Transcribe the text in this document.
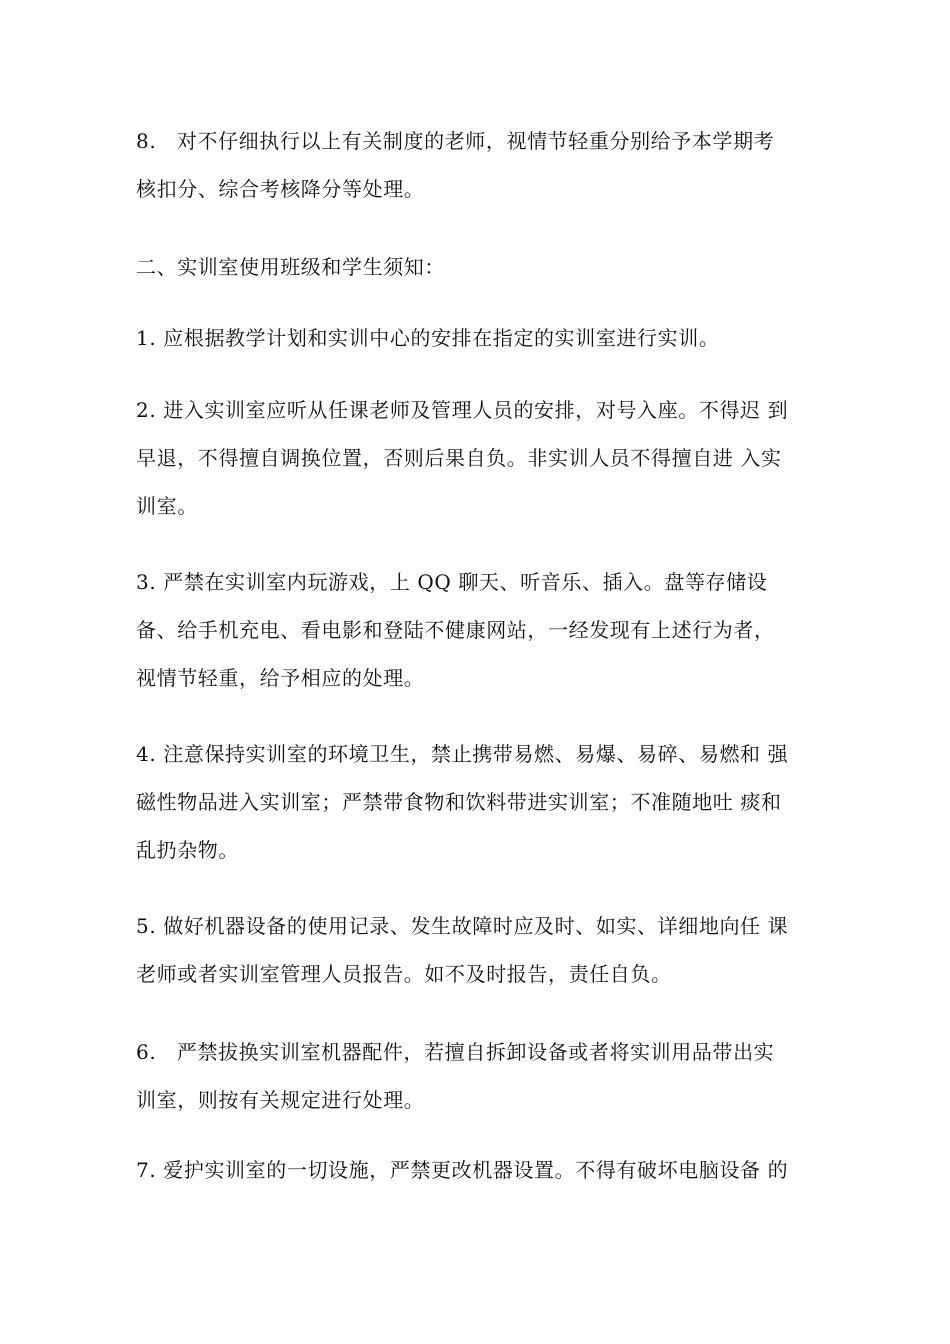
8.　对不仔细执行以上有关制度的老师，视情节轻重分别给予本学期考
核扣分、综合考核降分等处理。

二、实训室使用班级和学生须知：

1. 应根据教学计划和实训中心的安排在指定的实训室进行实训。

2. 进入实训室应听从任课老师及管理人员的安排，对号入座。不得迟 到
早退，不得擅自调换位置，否则后果自负。非实训人员不得擅自进 入实
训室。

3. 严禁在实训室内玩游戏，上 QQ 聊天、听音乐、插入。盘等存储设
备、给手机充电、看电影和登陆不健康网站，一经发现有上述行为者，
视情节轻重，给予相应的处理。

4. 注意保持实训室的环境卫生，禁止携带易燃、易爆、易碎、易燃和 强
磁性物品进入实训室；严禁带食物和饮料带进实训室；不准随地吐 痰和
乱扔杂物。

5. 做好机器设备的使用记录、发生故障时应及时、如实、详细地向任 课
老师或者实训室管理人员报告。如不及时报告，责任自负。

6.　严禁拔换实训室机器配件，若擅自拆卸设备或者将实训用品带出实
训室，则按有关规定进行处理。

7. 爱护实训室的一切设施，严禁更改机器设置。不得有破坏电脑设备 的
